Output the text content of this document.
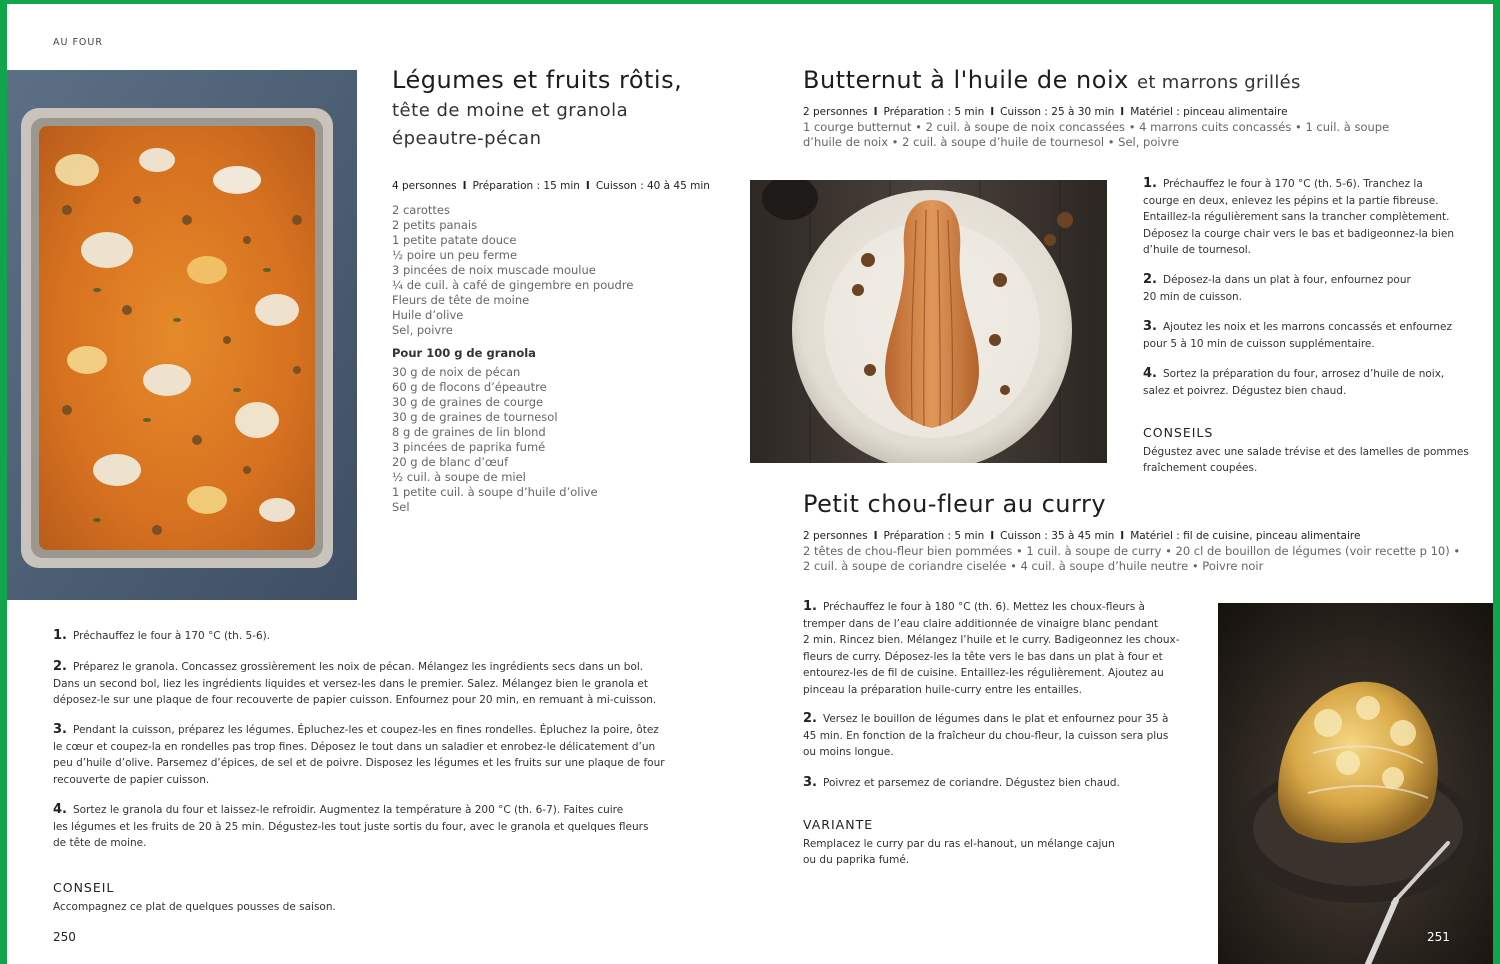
AU FOUR
Légumes et fruits rôtis,
tête de moine et granola
épeautre-pécan
4 personnes I Préparation : 15 min I Cuisson : 40 à 45 min
2 carottes
2 petits panais
1 petite patate douce
½ poire un peu ferme
3 pincées de noix muscade moulue
¼ de cuil. à café de gingembre en poudre
Fleurs de tête de moine
Huile d’olive
Sel, poivre
Pour 100 g de granola
30 g de noix de pécan
60 g de flocons d’épeautre
30 g de graines de courge
30 g de graines de tournesol
8 g de graines de lin blond
3 pincées de paprika fumé
20 g de blanc d’œuf
½ cuil. à soupe de miel
1 petite cuil. à soupe d’huile d’olive
Sel
1. Préchauffez le four à 170 °C (th. 5-6).
2. Préparez le granola. Concassez grossièrement les noix de pécan. Mélangez les ingrédients secs dans un bol.
Dans un second bol, liez les ingrédients liquides et versez-les dans le premier. Salez. Mélangez bien le granola et
déposez-le sur une plaque de four recouverte de papier cuisson. Enfournez pour 20 min, en remuant à mi-cuisson.
3. Pendant la cuisson, préparez les légumes. Épluchez-les et coupez-les en fines rondelles. Épluchez la poire, ôtez
le cœur et coupez-la en rondelles pas trop fines. Déposez le tout dans un saladier et enrobez-le délicatement d’un
peu d’huile d’olive. Parsemez d’épices, de sel et de poivre. Disposez les légumes et les fruits sur une plaque de four
recouverte de papier cuisson.
4. Sortez le granola du four et laissez-le refroidir. Augmentez la température à 200 °C (th. 6-7). Faites cuire
les légumes et les fruits de 20 à 25 min. Dégustez-les tout juste sortis du four, avec le granola et quelques fleurs
de tête de moine.
CONSEIL
Accompagnez ce plat de quelques pousses de saison.
250
Butternut à l'huile de noix et marrons grillés
2 personnes I Préparation : 5 min I Cuisson : 25 à 30 min I Matériel : pinceau alimentaire
1 courge butternut • 2 cuil. à soupe de noix concassées • 4 marrons cuits concassés • 1 cuil. à soupe
d’huile de noix • 2 cuil. à soupe d’huile de tournesol • Sel, poivre
1. Préchauffez le four à 170 °C (th. 5-6). Tranchez la
courge en deux, enlevez les pépins et la partie fibreuse.
Entaillez-la régulièrement sans la trancher complètement.
Déposez la courge chair vers le bas et badigeonnez-la bien
d’huile de tournesol.
2. Déposez-la dans un plat à four, enfournez pour
20 min de cuisson.
3. Ajoutez les noix et les marrons concassés et enfournez
pour 5 à 10 min de cuisson supplémentaire.
4. Sortez la préparation du four, arrosez d’huile de noix,
salez et poivrez. Dégustez bien chaud.
CONSEILS
Dégustez avec une salade trévise et des lamelles de pommes
fraîchement coupées.
Petit chou-fleur au curry
2 personnes I Préparation : 5 min I Cuisson : 35 à 45 min I Matériel : fil de cuisine, pinceau alimentaire
2 têtes de chou-fleur bien pommées • 1 cuil. à soupe de curry • 20 cl de bouillon de légumes (voir recette p 10) •
2 cuil. à soupe de coriandre ciselée • 4 cuil. à soupe d’huile neutre • Poivre noir
1. Préchauffez le four à 180 °C (th. 6). Mettez les choux-fleurs à
tremper dans de l’eau claire additionnée de vinaigre blanc pendant
2 min. Rincez bien. Mélangez l’huile et le curry. Badigeonnez les choux-
fleurs de curry. Déposez-les la tête vers le bas dans un plat à four et
entourez-les de fil de cuisine. Entaillez-les régulièrement. Ajoutez au
pinceau la préparation huile-curry entre les entailles.
2. Versez le bouillon de légumes dans le plat et enfournez pour 35 à
45 min. En fonction de la fraîcheur du chou-fleur, la cuisson sera plus
ou moins longue.
3. Poivrez et parsemez de coriandre. Dégustez bien chaud.
VARIANTE
Remplacez le curry par du ras el-hanout, un mélange cajun
ou du paprika fumé.
251
